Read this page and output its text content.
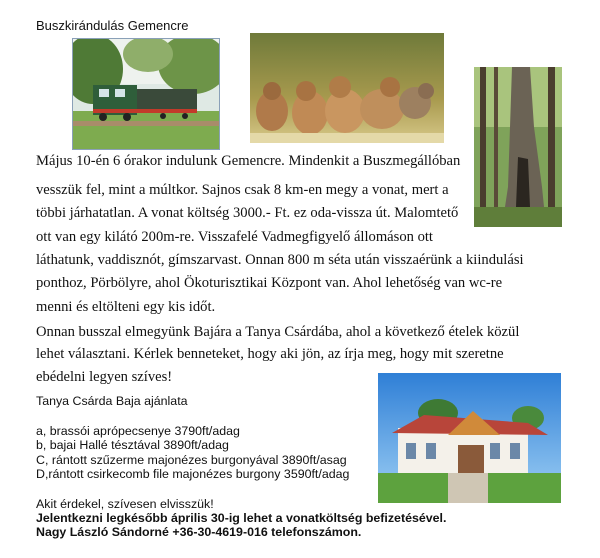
Buszkirándulás Gemencre
Május 10-én 6 órakor indulunk Gemencre. Mindenkit a Buszmegállóban
vesszük fel, mint a múltkor. Sajnos csak 8 km-en megy a vonat, mert a
többi járhatatlan. A vonat költség 3000.- Ft. ez oda-vissza út. Malomtető
ott van egy kilátó 200m-re. Visszafelé Vadmegfigyelő állomáson ott
láthatunk, vaddisznót, gímszarvast. Onnan 800 m séta után visszaérünk a kiindulási
ponthoz, Pörbölyre, ahol Ökoturisztikai Központ van. Ahol lehetőség van wc-re
menni és eltölteni egy kis időt.
Onnan busszal elmegyünk Bajára a Tanya Csárdába, ahol a következő ételek közül
lehet választani. Kérlek benneteket, hogy aki jön, az írja meg, hogy mit szeretne
ebédelni legyen szíves!
Tanya Csárda Baja ajánlata
a, brassói aprópecsenye 3790ft/adag
b, bajai Hallé tésztával 3890ft/adag
C, rántott szűzerme majonézes burgonyával 3890ft/asag
D,rántott csirkecomb file majonézes burgony 3590ft/adag
Akit érdekel, szívesen elvisszük!
Jelentkezni legkésőbb április 30-ig lehet a vonatköltség befizetésével.
Nagy László Sándorné +36-30-4619-016 telefonszámon.
